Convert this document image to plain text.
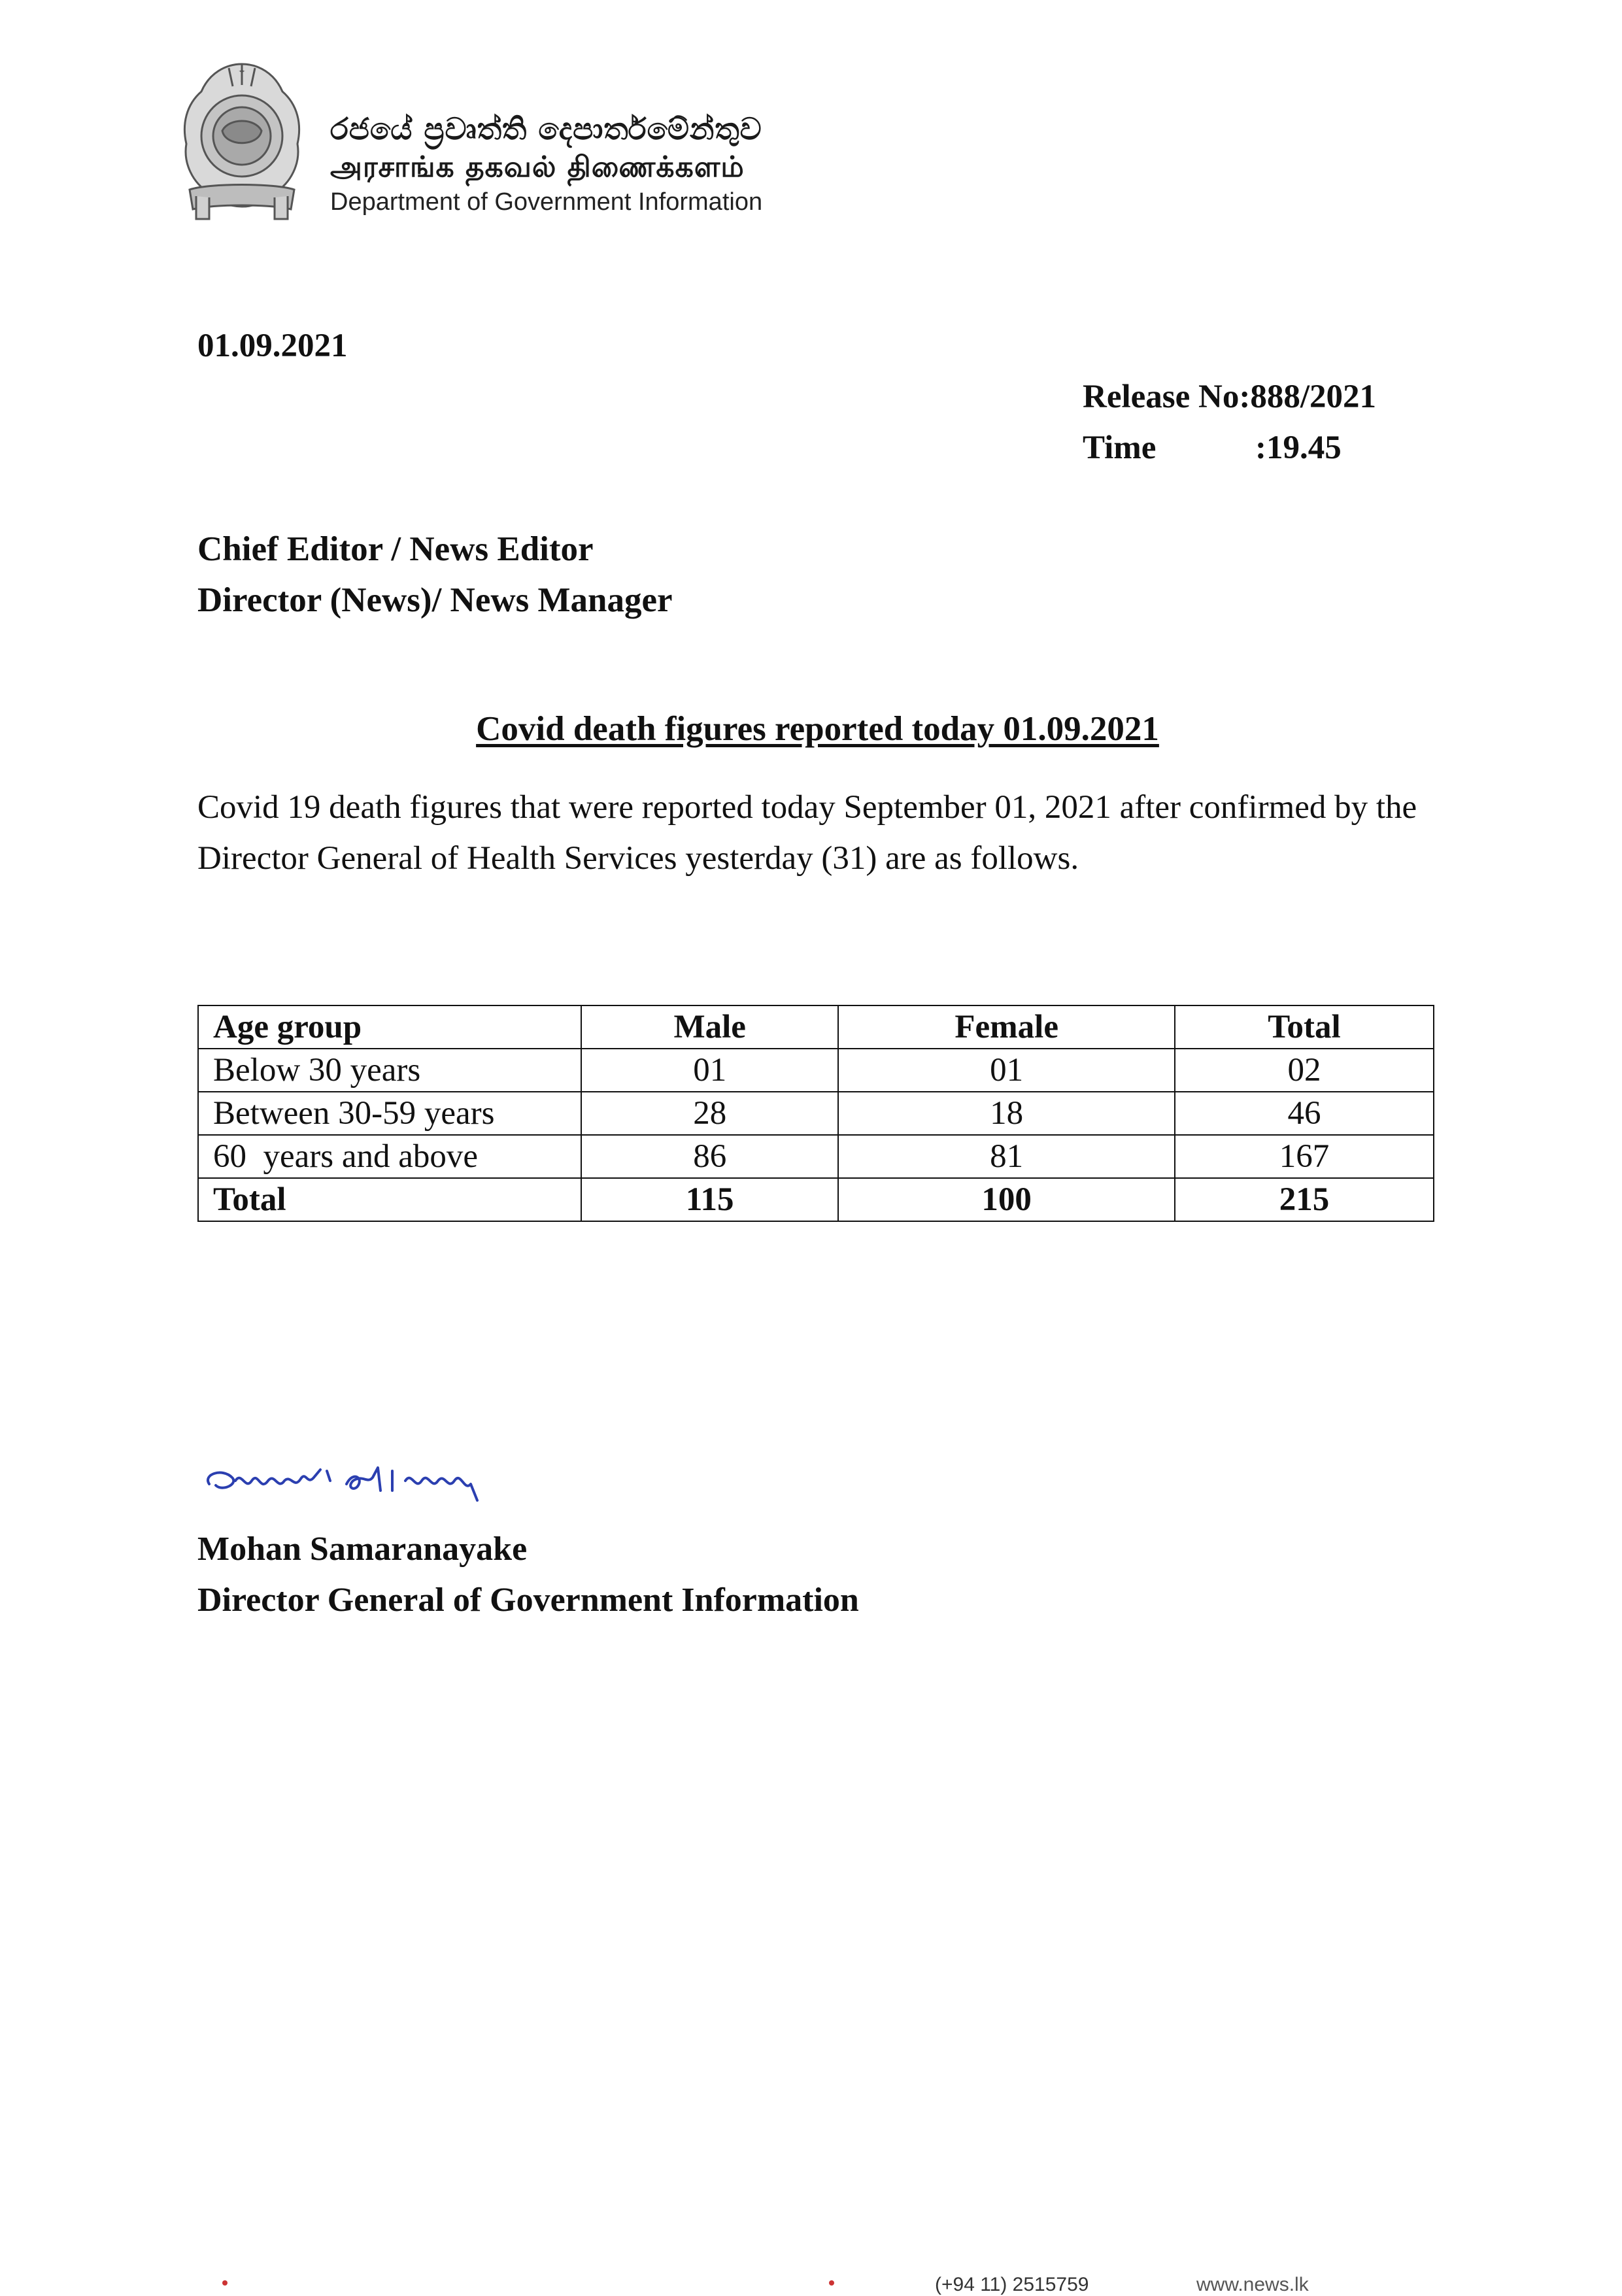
✦
රජයේ ප්‍රවෘත්ති දෙපාර්තමේන්තුව
அரசாங்க தகவல் திணைக்களம்
Department of Government Information
01.09.2021
Release No:888/2021
Time	:19.45
Chief Editor / News Editor
Director (News)/ News Manager
Covid death figures reported today 01.09.2021
Covid 19 death figures that were reported today September 01, 2021 after confirmed by the Director General of Health Services yesterday (31) are as follows.
Age group	Male	Female	Total
Below 30 years	01	01	02
Between 30-59 years	28	18	46
60  years and above	86	81	167
Total	115	100	215
Mohan Samaranayake
Director General of Government Information
(+94 11) 2515759	www.news.lk
